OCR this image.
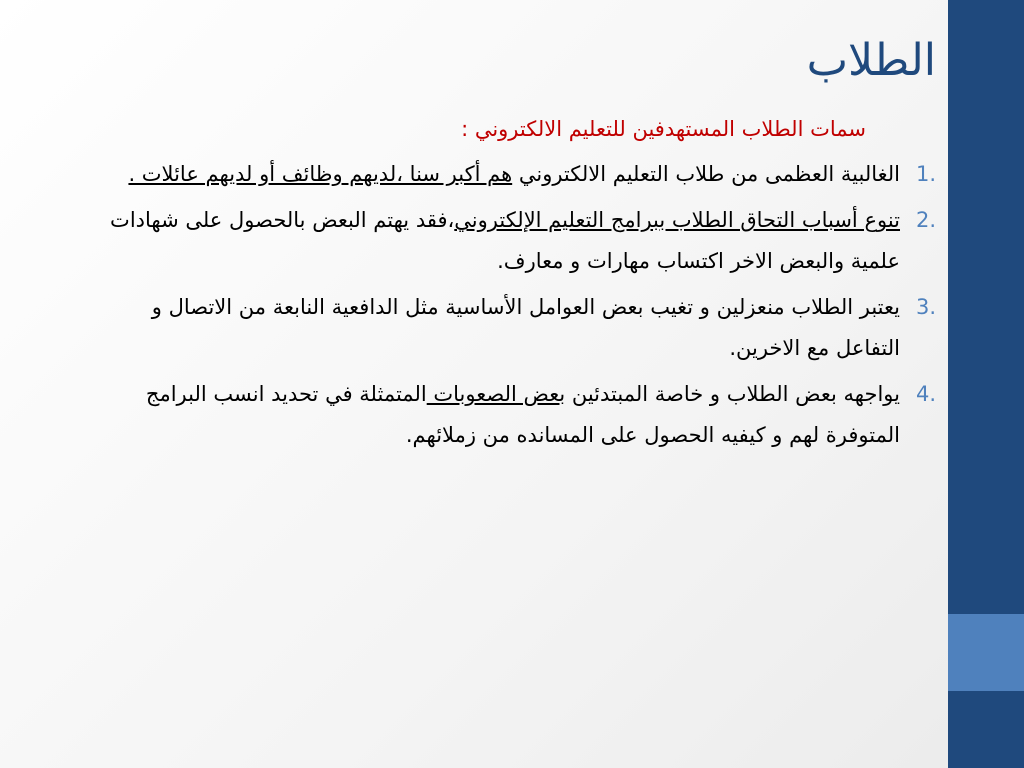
الطلاب

سمات الطلاب المستهدفين للتعليم الالكتروني :

1.
الغالبية العظمى من طلاب التعليم الالكتروني هم أكبر سنا ،لديهم وظائف أو لديهم عائلات .
2.
تنوع أسباب التحاق الطلاب ببرامج التعليم الإلكتروني،فقد يهتم البعض بالحصول على شهادات علمية والبعض الاخر اكتساب مهارات و معارف.
3.
يعتبر الطلاب منعزلين و تغيب بعض العوامل الأساسية مثل الدافعية النابعة من الاتصال و التفاعل مع الاخرين.
4.
يواجهه بعض الطلاب و خاصة المبتدئين بعض الصعوبات المتمثلة في تحديد انسب البرامج المتوفرة لهم و كيفيه الحصول على المسانده من زملائهم.
